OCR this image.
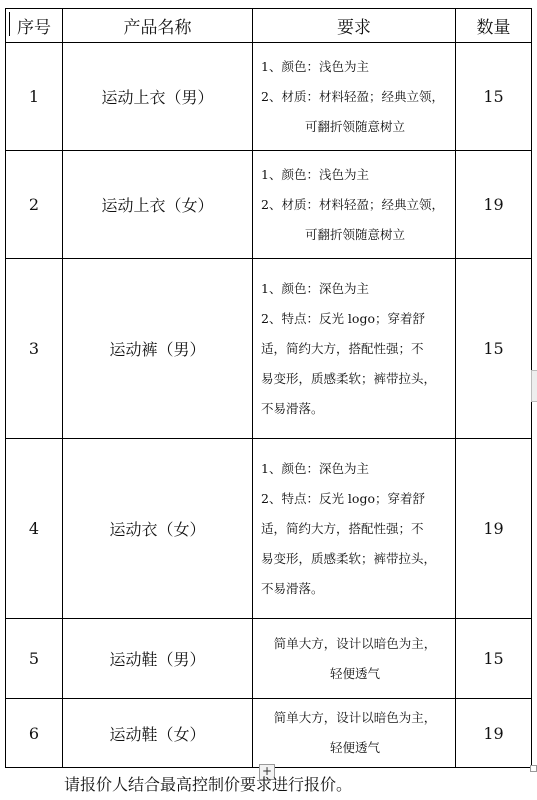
序号	产品名称	要求	数量
1	运动上衣（男）	1、颜色：浅色为主
2、材质：材料轻盈；经典立领，
可翻折领随意树立	15
2	运动上衣（女）	1、颜色：浅色为主
2、材质：材料轻盈；经典立领，
可翻折领随意树立	19
3	运动裤（男）	1、颜色：深色为主
2、特点：反光 logo；穿着舒
适，简约大方，搭配性强；不
易变形，质感柔软；裤带拉头，
不易滑落。	15
4	运动衣（女）	1、颜色：深色为主
2、特点：反光 logo；穿着舒
适，简约大方，搭配性强；不
易变形，质感柔软；裤带拉头，
不易滑落。	19
5	运动鞋（男）	简单大方，设计以暗色为主，
轻便透气	15
6	运动鞋（女）	简单大方，设计以暗色为主，
轻便透气	19
+
请报价人结合最高控制价要求进行报价。
